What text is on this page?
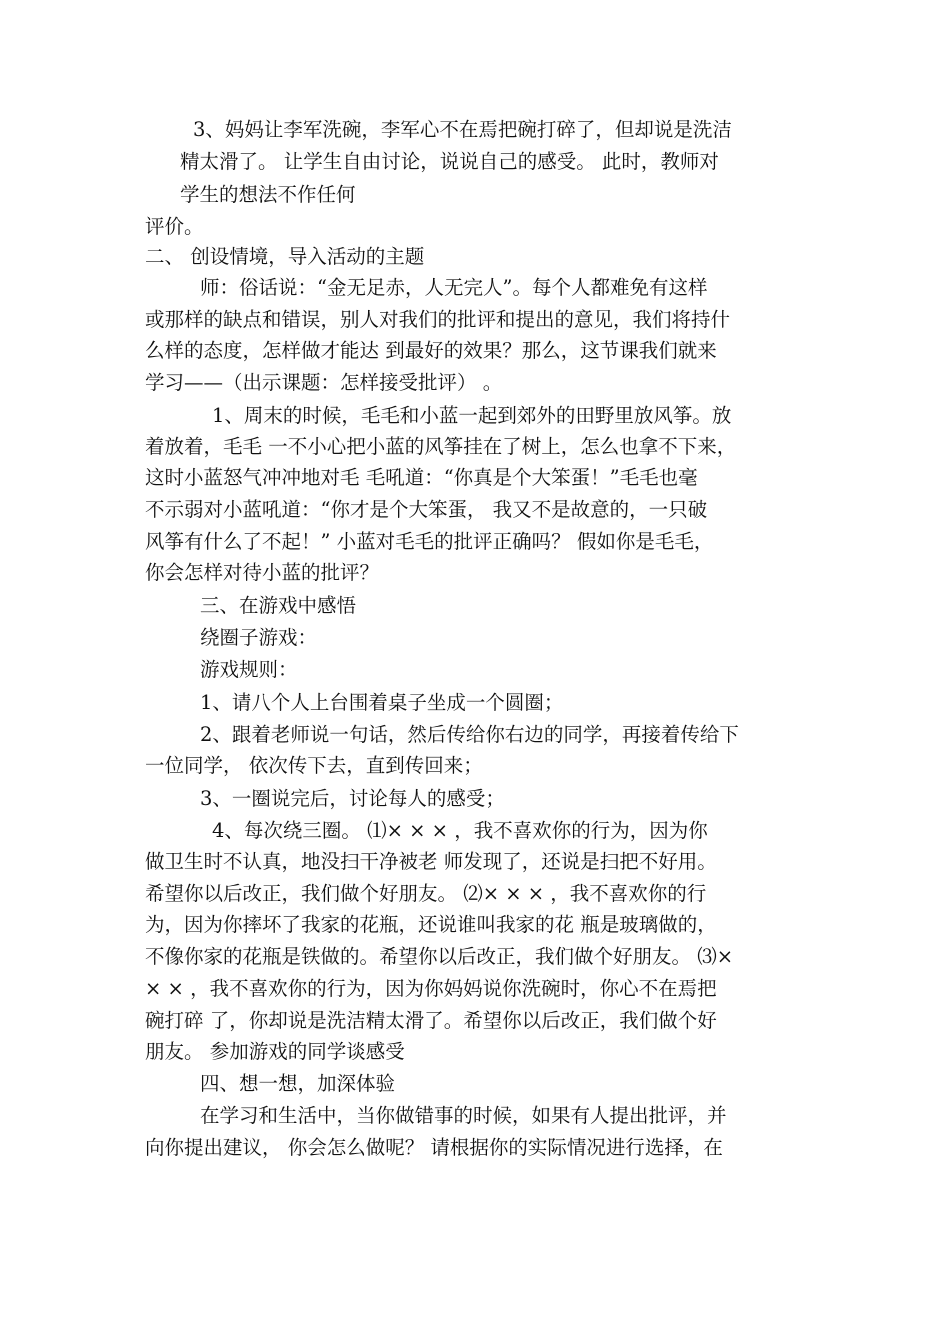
3、妈妈让李军洗碗，李军心不在焉把碗打碎了，但却说是洗洁
精太滑了。 让学生自由讨论，说说自己的感受。 此时，教师对
学生的想法不作任何
评价。
二、 创设情境，导入活动的主题
师：俗话说：“金无足赤，人无完人”。每个人都难免有这样
或那样的缺点和错误，别人对我们的批评和提出的意见，我们将持什
么样的态度，怎样做才能达 到最好的效果？那么，这节课我们就来
学习——（出示课题：怎样接受批评） 。
1、周末的时候，毛毛和小蓝一起到郊外的田野里放风筝。放
着放着，毛毛 一不小心把小蓝的风筝挂在了树上，怎么也拿不下来，
这时小蓝怒气冲冲地对毛 毛吼道：“你真是个大笨蛋！”毛毛也毫
不示弱对小蓝吼道：“你才是个大笨蛋， 我又不是故意的，一只破
风筝有什么了不起！” 小蓝对毛毛的批评正确吗？ 假如你是毛毛，
你会怎样对待小蓝的批评？
三、在游戏中感悟
绕圈子游戏：
游戏规则：
1、请八个人上台围着桌子坐成一个圆圈；
2、跟着老师说一句话，然后传给你右边的同学，再接着传给下
一位同学， 依次传下去，直到传回来；
3、一圈说完后，讨论每人的感受；
4、每次绕三圈。 ⑴× × × ，我不喜欢你的行为，因为你
做卫生时不认真，地没扫干净被老 师发现了，还说是扫把不好用。
希望你以后改正，我们做个好朋友。 ⑵× × × ，我不喜欢你的行
为，因为你摔坏了我家的花瓶，还说谁叫我家的花 瓶是玻璃做的，
不像你家的花瓶是铁做的。希望你以后改正，我们做个好朋友。 ⑶×
× × ，我不喜欢你的行为，因为你妈妈说你洗碗时，你心不在焉把
碗打碎 了，你却说是洗洁精太滑了。希望你以后改正，我们做个好
朋友。 参加游戏的同学谈感受
四、想一想，加深体验
在学习和生活中，当你做错事的时候，如果有人提出批评，并
向你提出建议， 你会怎么做呢？ 请根据你的实际情况进行选择，在
